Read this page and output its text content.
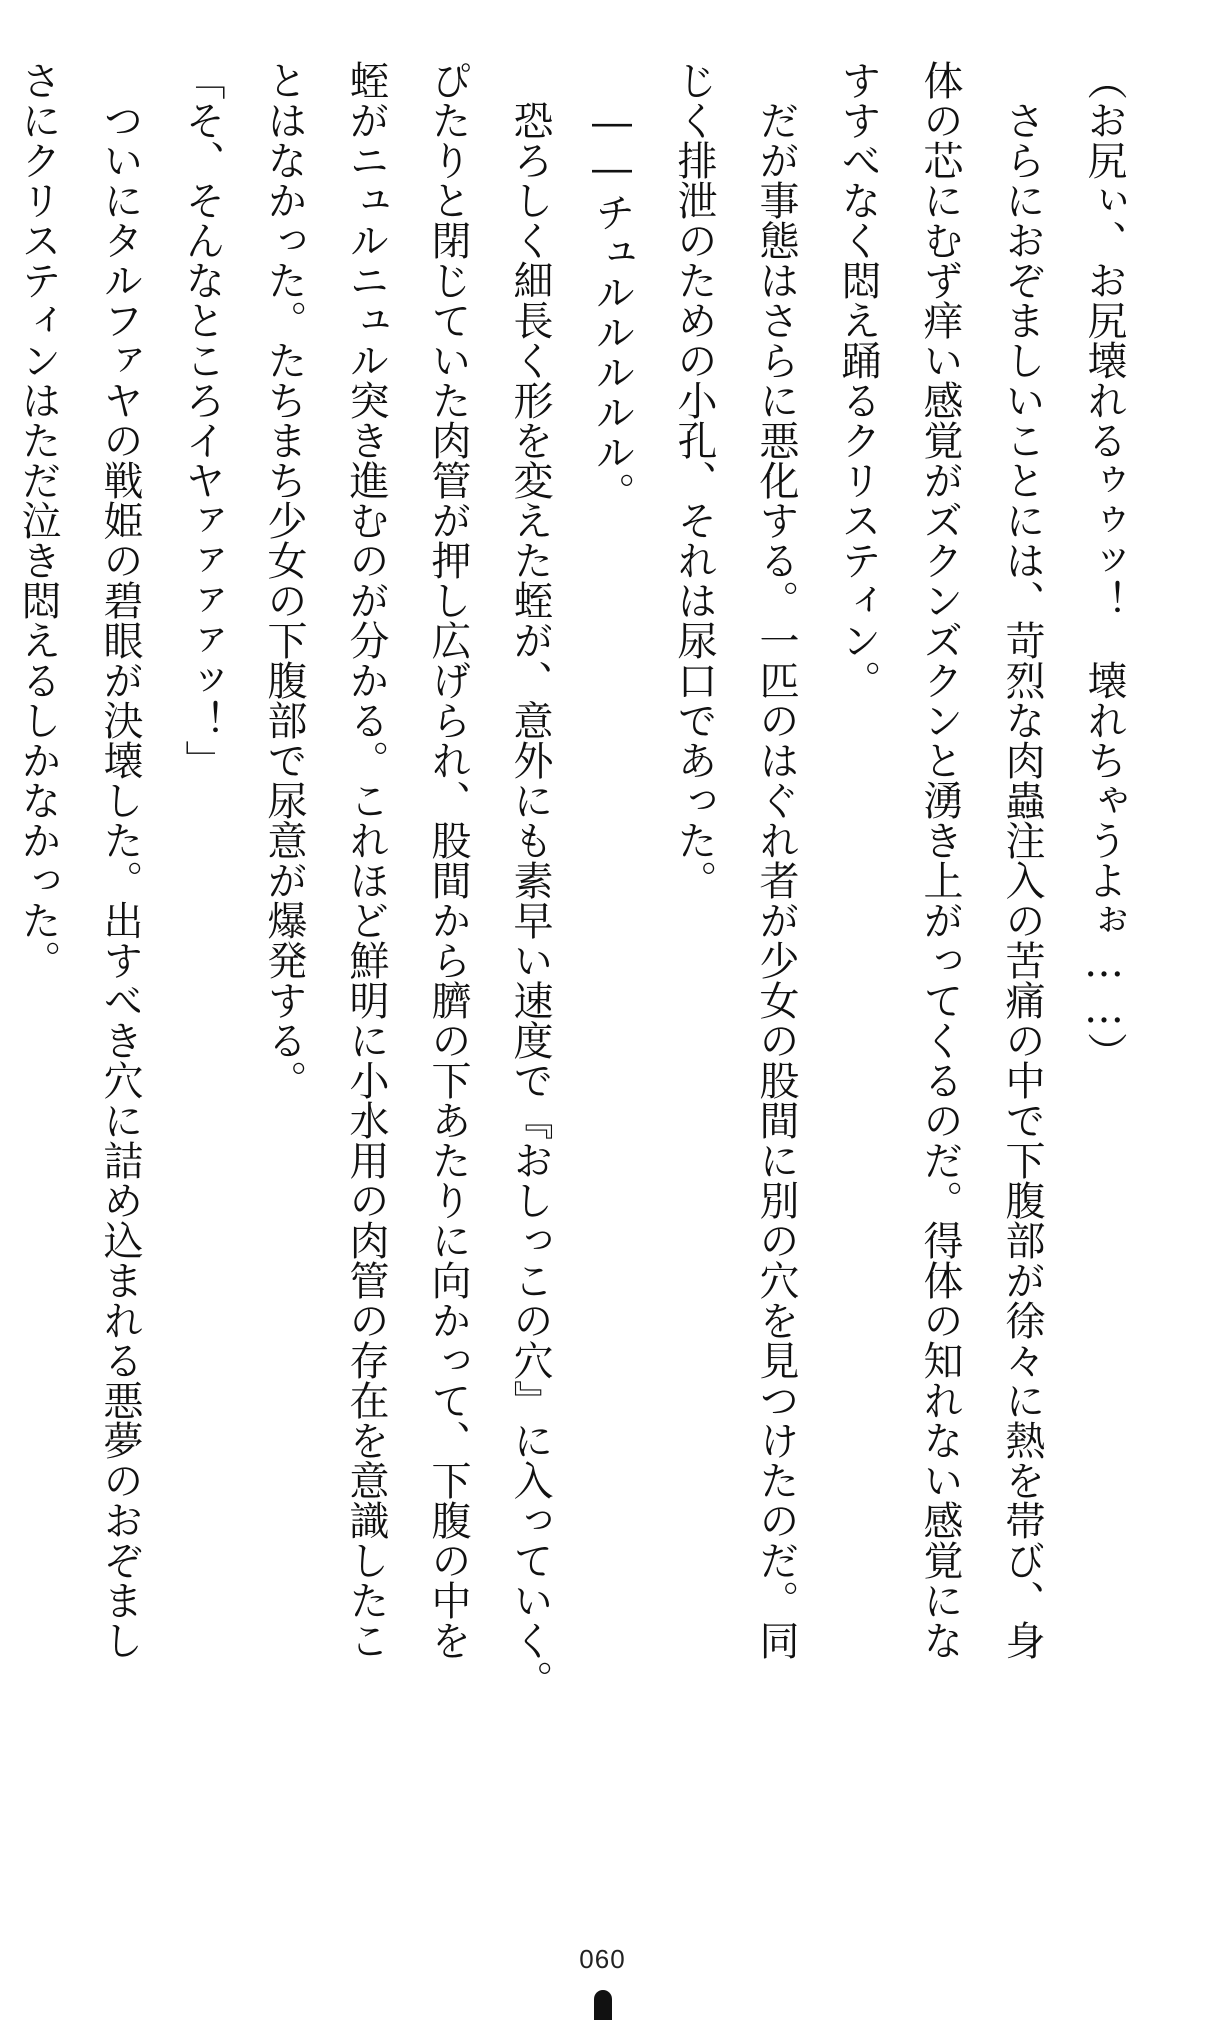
（お尻ぃ、お尻壊れるゥゥッ！　壊れちゃうよぉ……）

　さらにおぞましいことには、苛烈な肉蟲注入の苦痛の中で下腹部が徐々に熱を帯び、身

体の芯にむず痒い感覚がズクンズクンと湧き上がってくるのだ。得体の知れない感覚にな

すすべなく悶え踊るクリスティン。

　だが事態はさらに悪化する。一匹のはぐれ者が少女の股間に別の穴を見つけたのだ。同

じく排泄のための小孔、それは尿口であった。

　――チュルルルルル。

　恐ろしく細長く形を変えた蛭が、意外にも素早い速度で『おしっこの穴』に入っていく。

ぴたりと閉じていた肉管が押し広げられ、股間から臍の下あたりに向かって、下腹の中を

蛭がニュルニュル突き進むのが分かる。これほど鮮明に小水用の肉管の存在を意識したこ

とはなかった。たちまち少女の下腹部で尿意が爆発する。

「そ、そんなところイヤァァァァッ！」

　ついにタルファヤの戦姫の碧眼が決壊した。出すべき穴に詰め込まれる悪夢のおぞまし

さにクリスティンはただ泣き悶えるしかなかった。

060
